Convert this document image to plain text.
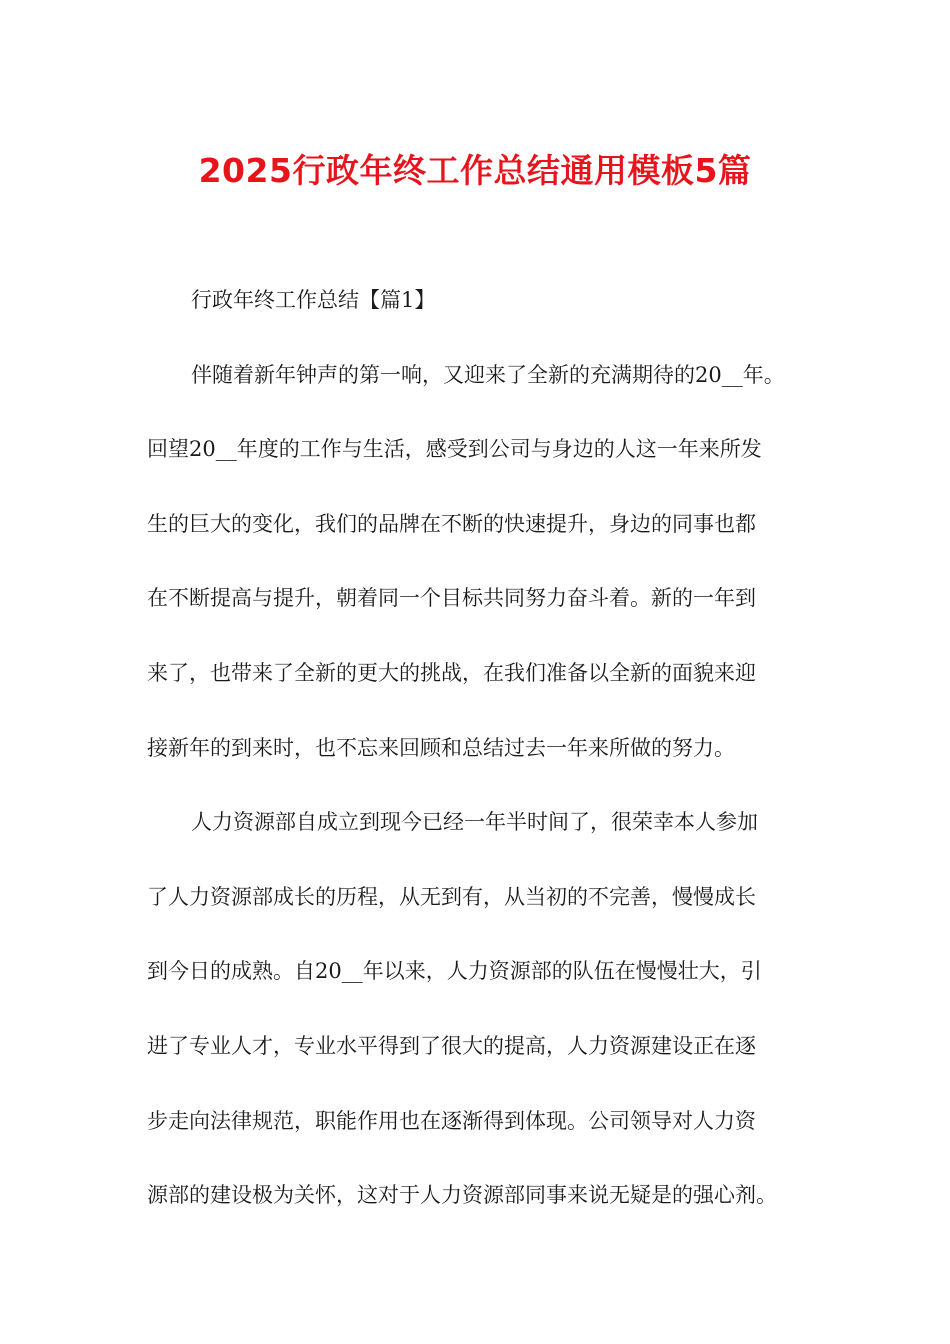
2025行政年终工作总结通用模板5篇
行政年终工作总结【篇1】
伴随着新年钟声的第一响，又迎来了全新的充满期待的20__年。
回望20__年度的工作与生活，感受到公司与身边的人这一年来所发
生的巨大的变化，我们的品牌在不断的快速提升，身边的同事也都
在不断提高与提升，朝着同一个目标共同努力奋斗着。新的一年到
来了，也带来了全新的更大的挑战，在我们准备以全新的面貌来迎
接新年的到来时，也不忘来回顾和总结过去一年来所做的努力。
人力资源部自成立到现今已经一年半时间了，很荣幸本人参加
了人力资源部成长的历程，从无到有，从当初的不完善，慢慢成长
到今日的成熟。自20__年以来，人力资源部的队伍在慢慢壮大，引
进了专业人才，专业水平得到了很大的提高，人力资源建设正在逐
步走向法律规范，职能作用也在逐渐得到体现。公司领导对人力资
源部的建设极为关怀，这对于人力资源部同事来说无疑是的强心剂。
